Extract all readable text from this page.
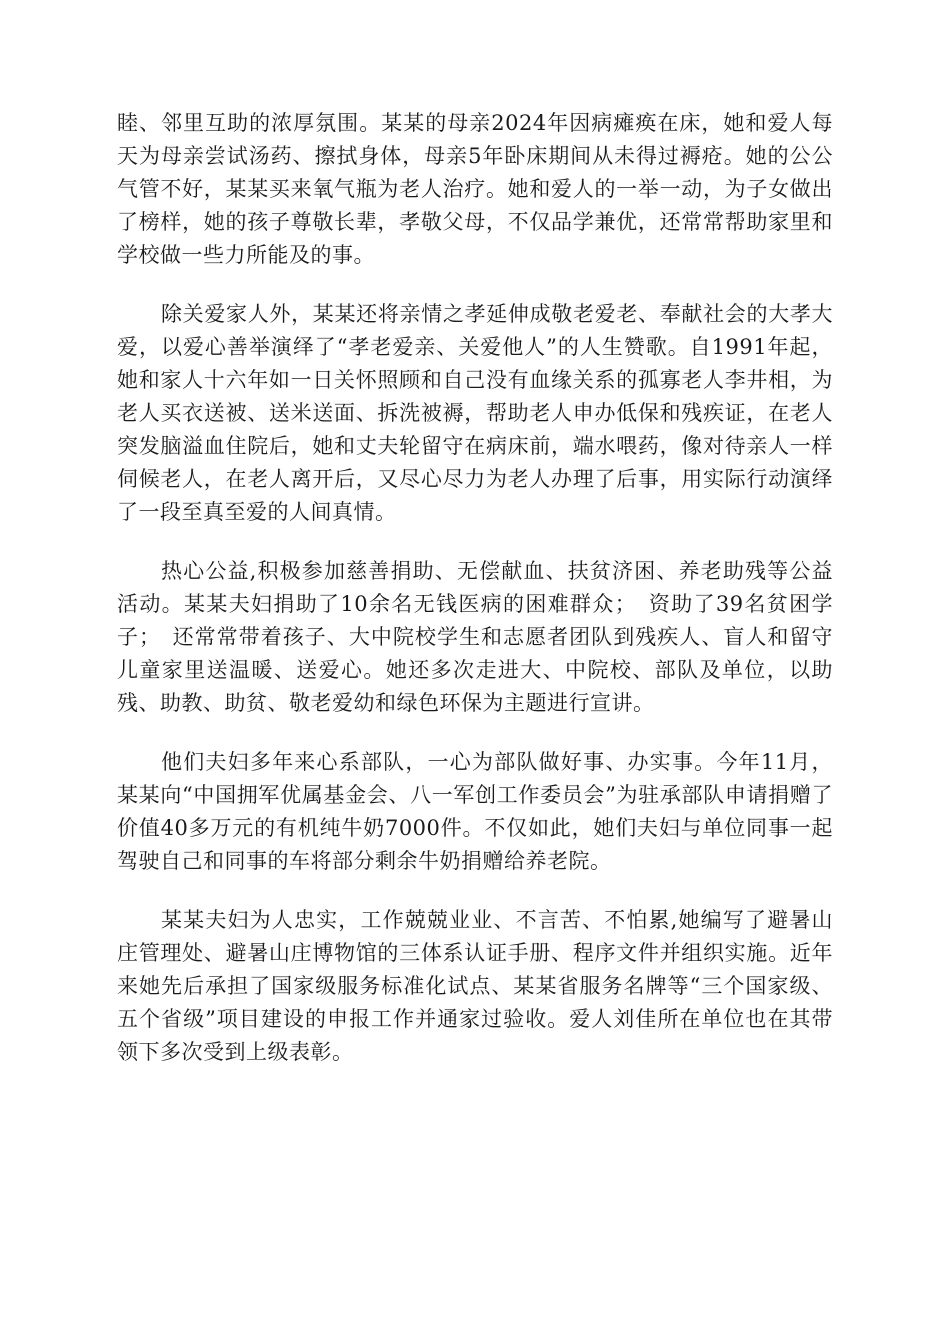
睦、邻里互助的浓厚氛围。某某的母亲2024年因病瘫痪在床，她和爱人每天为母亲尝试汤药、擦拭身体，母亲5年卧床期间从未得过褥疮。她的公公气管不好，某某买来氧气瓶为老人治疗。她和爱人的一举一动，为子女做出了榜样，她的孩子尊敬长辈，孝敬父母，不仅品学兼优，还常常帮助家里和学校做一些力所能及的事。

除关爱家人外，某某还将亲情之孝延伸成敬老爱老、奉献社会的大孝大爱，以爱心善举演绎了“孝老爱亲、关爱他人”的人生赞歌。自1991年起，她和家人十六年如一日关怀照顾和自己没有血缘关系的孤寡老人李井相，为老人买衣送被、送米送面、拆洗被褥，帮助老人申办低保和残疾证，在老人突发脑溢血住院后，她和丈夫轮留守在病床前，端水喂药，像对待亲人一样伺候老人，在老人离开后，又尽心尽力为老人办理了后事，用实际行动演绎了一段至真至爱的人间真情。

热心公益,积极参加慈善捐助、无偿献血、扶贫济困、养老助残等公益活动。某某夫妇捐助了10余名无钱医病的困难群众；　资助了39名贫困学子；　还常常带着孩子、大中院校学生和志愿者团队到残疾人、盲人和留守儿童家里送温暖、送爱心。她还多次走进大、中院校、部队及单位，以助残、助教、助贫、敬老爱幼和绿色环保为主题进行宣讲。

他们夫妇多年来心系部队，一心为部队做好事、办实事。今年11月，某某向“中国拥军优属基金会、八一军创工作委员会”为驻承部队申请捐赠了价值40多万元的有机纯牛奶7000件。不仅如此，她们夫妇与单位同事一起驾驶自己和同事的车将部分剩余牛奶捐赠给养老院。

某某夫妇为人忠实，工作兢兢业业、不言苦、不怕累,她编写了避暑山庄管理处、避暑山庄博物馆的三体系认证手册、程序文件并组织实施。近年来她先后承担了国家级服务标准化试点、某某省服务名牌等“三个国家级、五个省级”项目建设的申报工作并通家过验收。爱人刘佳所在单位也在其带领下多次受到上级表彰。
